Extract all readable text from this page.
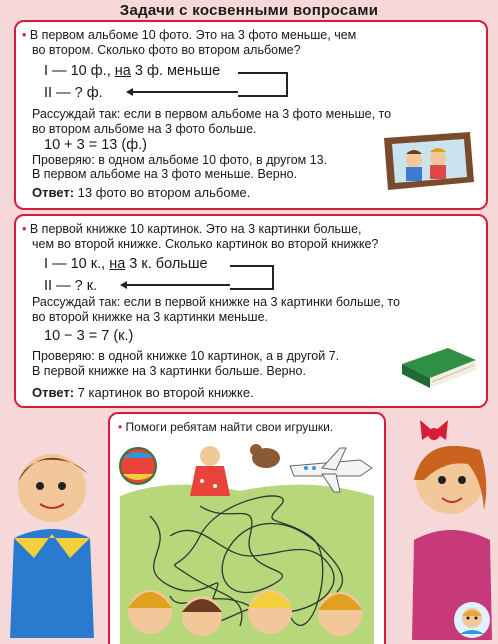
Задачи с косвенными вопросами
• В первом альбоме 10 фото. Это на 3 фото меньше, чем
во втором. Сколько фото во втором альбоме?
I — 10 ф., на 3 ф. меньше
II — ? ф.
Рассуждай так: если в первом альбоме на 3 фото меньше, то
во втором альбоме на 3 фото больше.
10 + 3 = 13 (ф.)
Проверяю: в одном альбоме 10 фото, в другом 13.
В первом альбоме на 3 фото меньше. Верно.
Ответ: 13 фото во втором альбоме.
• В первой книжке 10 картинок. Это на 3 картинки больше,
чем во второй книжке. Сколько картинок во второй книжке?
I — 10 к., на 3 к. больше
II — ? к.
Рассуждай так: если в первой книжке на 3 картинки больше, то
во второй книжке на 3 картинки меньше.
10 − 3 = 7 (к.)
Проверяю: в одной книжке 10 картинок, а в другой 7.
В первой книжке на 3 картинки больше. Верно.
Ответ: 7 картинок во второй книжке.
• Помоги ребятам найти свои игрушки.
